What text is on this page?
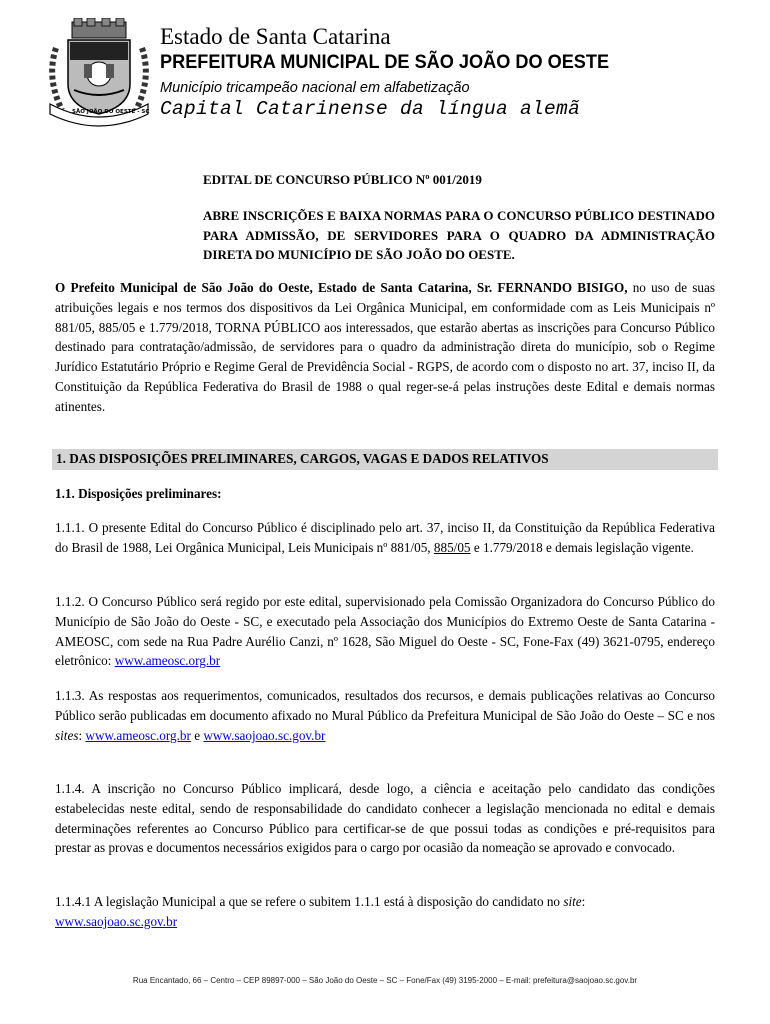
SÃO JOÃO DO OESTE - SC
Estado de Santa Catarina
PREFEITURA MUNICIPAL DE SÃO JOÃO DO OESTE
Município tricampeão nacional em alfabetização
Capital Catarinense da língua alemã
EDITAL DE CONCURSO PÚBLICO Nº 001/2019
ABRE INSCRIÇÕES E BAIXA NORMAS PARA O CONCURSO PÚBLICO DESTINADO PARA ADMISSÃO, DE SERVIDORES PARA O QUADRO DA ADMINISTRAÇÃO DIRETA DO MUNICÍPIO DE SÃO JOÃO DO OESTE.
O Prefeito Municipal de São João do Oeste, Estado de Santa Catarina, Sr. FERNANDO BISIGO, no uso de suas atribuições legais e nos termos dos dispositivos da Lei Orgânica Municipal, em conformidade com as Leis Municipais nº 881/05, 885/05 e 1.779/2018, TORNA PÚBLICO aos interessados, que estarão abertas as inscrições para Concurso Público destinado para contratação/admissão, de servidores para o quadro da administração direta do município, sob o Regime Jurídico Estatutário Próprio e Regime Geral de Previdência Social - RGPS, de acordo com o disposto no art. 37, inciso II, da Constituição da República Federativa do Brasil de 1988 o qual reger-se-á pelas instruções deste Edital e demais normas atinentes.
1. DAS DISPOSIÇÕES PRELIMINARES, CARGOS, VAGAS E DADOS RELATIVOS
1.1. Disposições preliminares:
1.1.1. O presente Edital do Concurso Público é disciplinado pelo art. 37, inciso II, da Constituição da República Federativa do Brasil de 1988, Lei Orgânica Municipal, Leis Municipais nº 881/05, 885/05 e 1.779/2018 e demais legislação vigente.
1.1.2. O Concurso Público será regido por este edital, supervisionado pela Comissão Organizadora do Concurso Público do Município de São João do Oeste - SC, e executado pela Associação dos Municípios do Extremo Oeste de Santa Catarina - AMEOSC, com sede na Rua Padre Aurélio Canzi, nº 1628, São Miguel do Oeste - SC, Fone-Fax (49) 3621-0795, endereço eletrônico: www.ameosc.org.br
1.1.3. As respostas aos requerimentos, comunicados, resultados dos recursos, e demais publicações relativas ao Concurso Público serão publicadas em documento afixado no Mural Público da Prefeitura Municipal de São João do Oeste – SC e nos sites: www.ameosc.org.br e www.saojoao.sc.gov.br
1.1.4. A inscrição no Concurso Público implicará, desde logo, a ciência e aceitação pelo candidato das condições estabelecidas neste edital, sendo de responsabilidade do candidato conhecer a legislação mencionada no edital e demais determinações referentes ao Concurso Público para certificar-se de que possui todas as condições e pré-requisitos para prestar as provas e documentos necessários exigidos para o cargo por ocasião da nomeação se aprovado e convocado.
1.1.4.1 A legislação Municipal a que se refere o subitem 1.1.1 está à disposição do candidato no site:
www.saojoao.sc.gov.br
Rua Encantado, 66 – Centro – CEP 89897-000 – São João do Oeste – SC – Fone/Fax (49) 3195-2000 – E-mail: prefeitura@saojoao.sc.gov.br
